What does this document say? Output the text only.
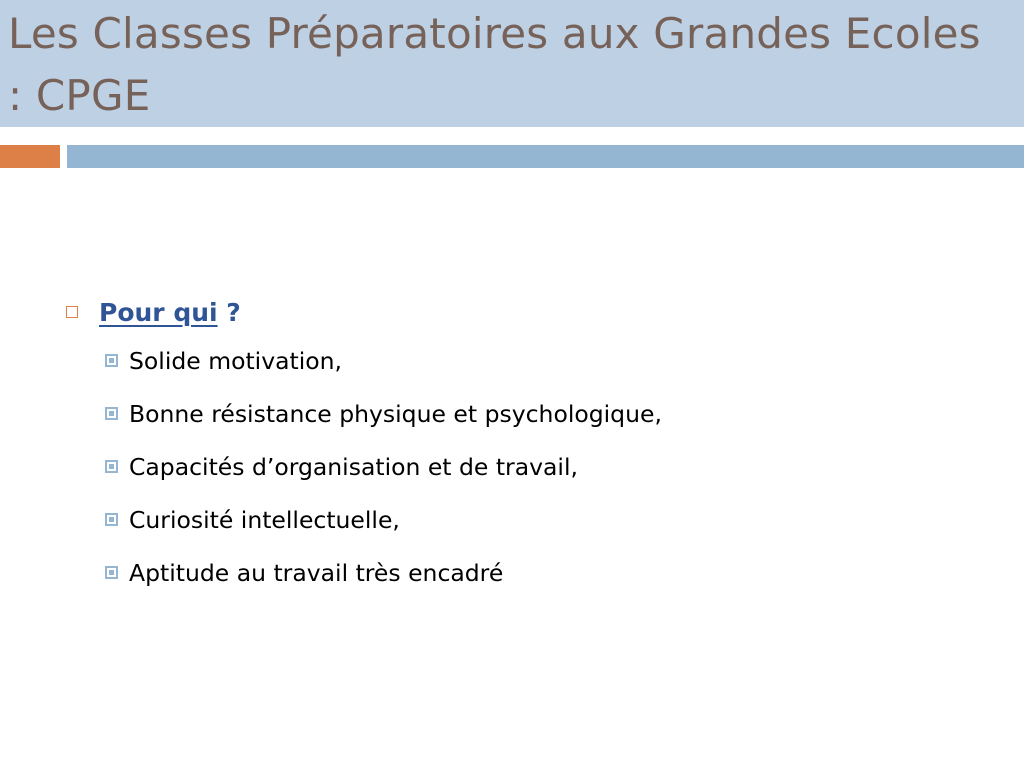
Les Classes Préparatoires aux Grandes Ecoles : CPGE
Pour qui ?
Solide motivation,
Bonne résistance physique et psychologique,
Capacités d’organisation et de travail,
Curiosité intellectuelle,
Aptitude au travail très encadré
